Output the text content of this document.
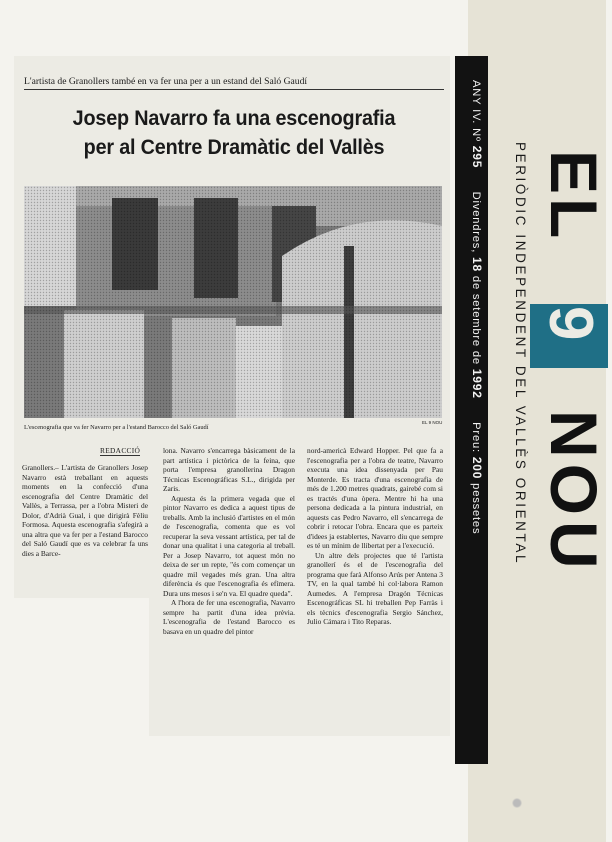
L'artista de Granollers també en va fer una per a un estand del Saló Gaudí
Josep Navarro fa una escenografia
per al Centre Dramàtic del Vallès
L'escenografia que va fer Navarro per a l'estand Barocco del Saló Gaudí
EL 9 NOU
REDACCIÓ

Granollers.– L'artista de Granollers Josep Navarro està treballant en aquests moments en la confecció d'una escenografia del Centre Dramàtic del Vallès, a Terrassa, per a l'obra Misteri de Dolor, d'Adrià Gual, i que dirigirà Fèliu Formosa. Aquesta escenografia s'afegirà a una altra que va fer per a l'estand Barocco del Saló Gaudí que es va celebrar fa uns dies a Barce-

lona. Navarro s'encarrega bàsicament de la part artística i pictòrica de la feina, que porta l'empresa granollerina Dragon Técnicas Escenográficas S.L., dirigida per Zaris.

Aquesta és la primera vegada que el pintor Navarro es dedica a aquest tipus de treballs. Amb la inclusió d'artistes en el món de l'escenografia, comenta que es vol recuperar la seva vessant artística, per tal de donar una qualitat i una categoria al treball. Per a Josep Navarro, tot aquest món no deixa de ser un repte, "és com començar un quadre mil vegades més gran. Una altra diferència és que l'escenografia és efímera. Dura uns mesos i se'n va. El quadre queda".

A l'hora de fer una escenografia, Navarro sempre ha partit d'una idea prèvia. L'escenografia de l'estand Barocco es basava en un quadre del pintor

nord-americà Edward Hopper. Pel que fa a l'escenografia per a l'obra de teatre, Navarro executa una idea dissenyada per Pau Monterde. Es tracta d'una escenografia de més de 1.200 metres quadrats, gairebé com si es tractés d'una òpera. Mentre hi ha una persona dedicada a la pintura industrial, en aquests cas Pedro Navarro, ell s'encarrega de cobrir i retocar l'obra. Encara que es parteix d'idees ja establertes, Navarro diu que sempre es té un mínim de llibertat per a l'execució.

Un altre dels projectes que té l'artista granollerí és el de l'escenografia del programa que farà Alfonso Arús per Antena 3 TV, en la qual també hi col·labora Ramon Aumedes. A l'empresa Dragón Técnicas Escenográficas SL hi treballen Pep Farràs i els tècnics d'escenografia Sergio Sánchez, Julio Cámara i Tito Reparas.

ANY IV. Nº 295      Divendres, 18 de setembre de 1992      Preu: 200 pessetes PERIÒDIC INDEPENDENT DEL VALLÈS ORIENTAL EL
9
NOU
